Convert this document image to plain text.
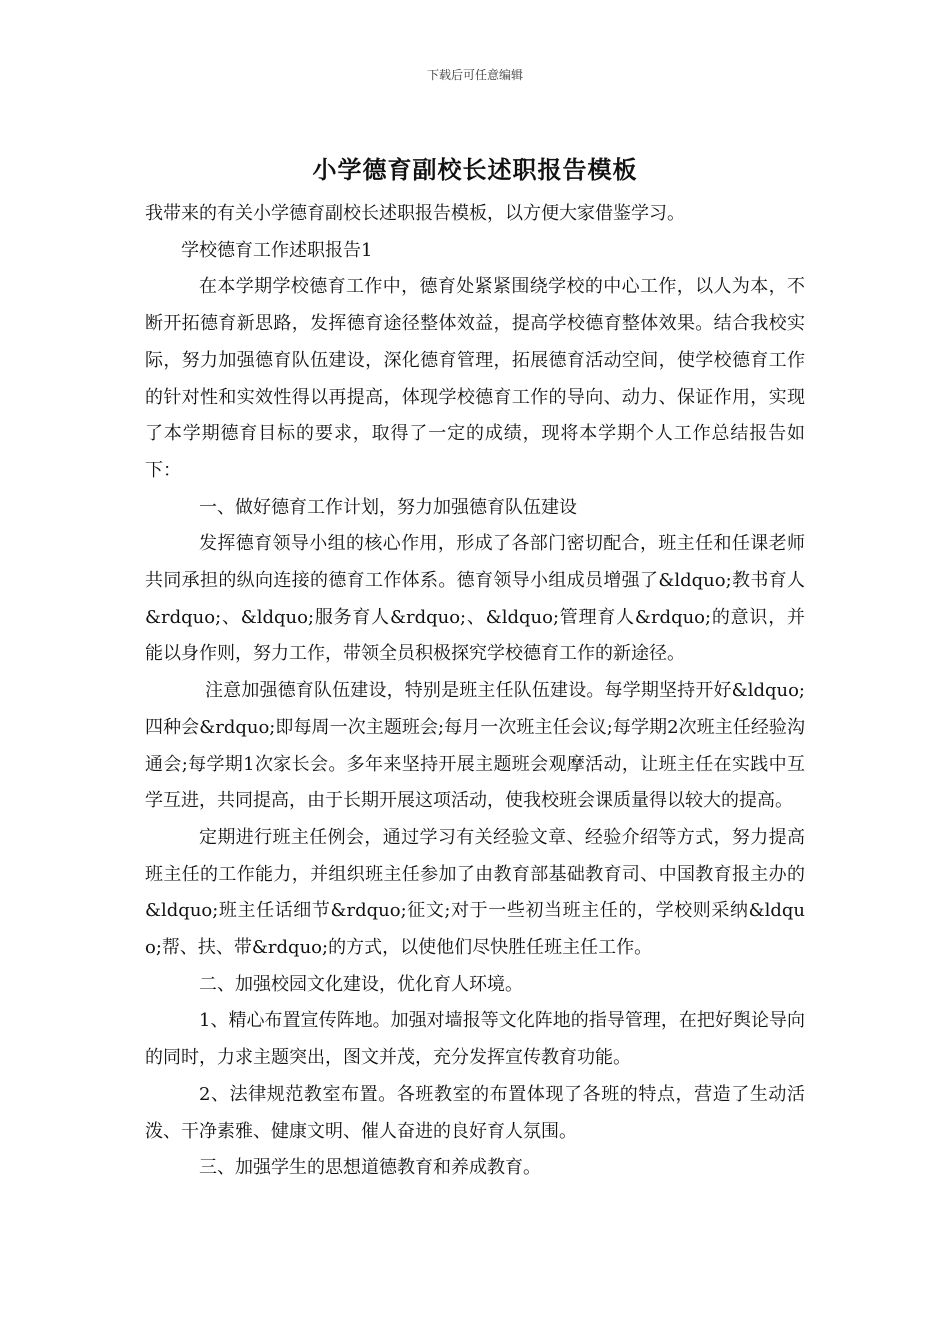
下载后可任意编辑
小学德育副校长述职报告模板

我带来的有关小学德育副校长述职报告模板，以方便大家借鉴学习。

学校德育工作述职报告1

在本学期学校德育工作中，德育处紧紧围绕学校的中心工作，以人为本，不断开拓德育新思路，发挥德育途径整体效益，提高学校德育整体效果。结合我校实际，努力加强德育队伍建设，深化德育管理，拓展德育活动空间，使学校德育工作的针对性和实效性得以再提高，体现学校德育工作的导向、动力、保证作用，实现了本学期德育目标的要求，取得了一定的成绩，现将本学期个人工作总结报告如下：

一、做好德育工作计划，努力加强德育队伍建设

发挥德育领导小组的核心作用，形成了各部门密切配合，班主任和任课老师共同承担的纵向连接的德育工作体系。德育领导小组成员增强了&ldquo;教书育人&rdquo;、&ldquo;服务育人&rdquo;、&ldquo;管理育人&rdquo;的意识，并能以身作则，努力工作，带领全员积极探究学校德育工作的新途径。

注意加强德育队伍建设，特别是班主任队伍建设。每学期坚持开好&ldquo;四种会&rdquo;即每周一次主题班会;每月一次班主任会议;每学期2次班主任经验沟通会;每学期1次家长会。多年来坚持开展主题班会观摩活动，让班主任在实践中互学互进，共同提高，由于长期开展这项活动，使我校班会课质量得以较大的提高。

定期进行班主任例会，通过学习有关经验文章、经验介绍等方式，努力提高班主任的工作能力，并组织班主任参加了由教育部基础教育司、中国教育报主办的&ldquo;班主任话细节&rdquo;征文;对于一些初当班主任的，学校则采纳&ldquo;帮、扶、带&rdquo;的方式，以使他们尽快胜任班主任工作。

二、加强校园文化建设，优化育人环境。

1、精心布置宣传阵地。加强对墙报等文化阵地的指导管理，在把好舆论导向的同时，力求主题突出，图文并茂，充分发挥宣传教育功能。

2、法律规范教室布置。各班教室的布置体现了各班的特点，营造了生动活泼、干净素雅、健康文明、催人奋进的良好育人氛围。

三、加强学生的思想道德教育和养成教育。
